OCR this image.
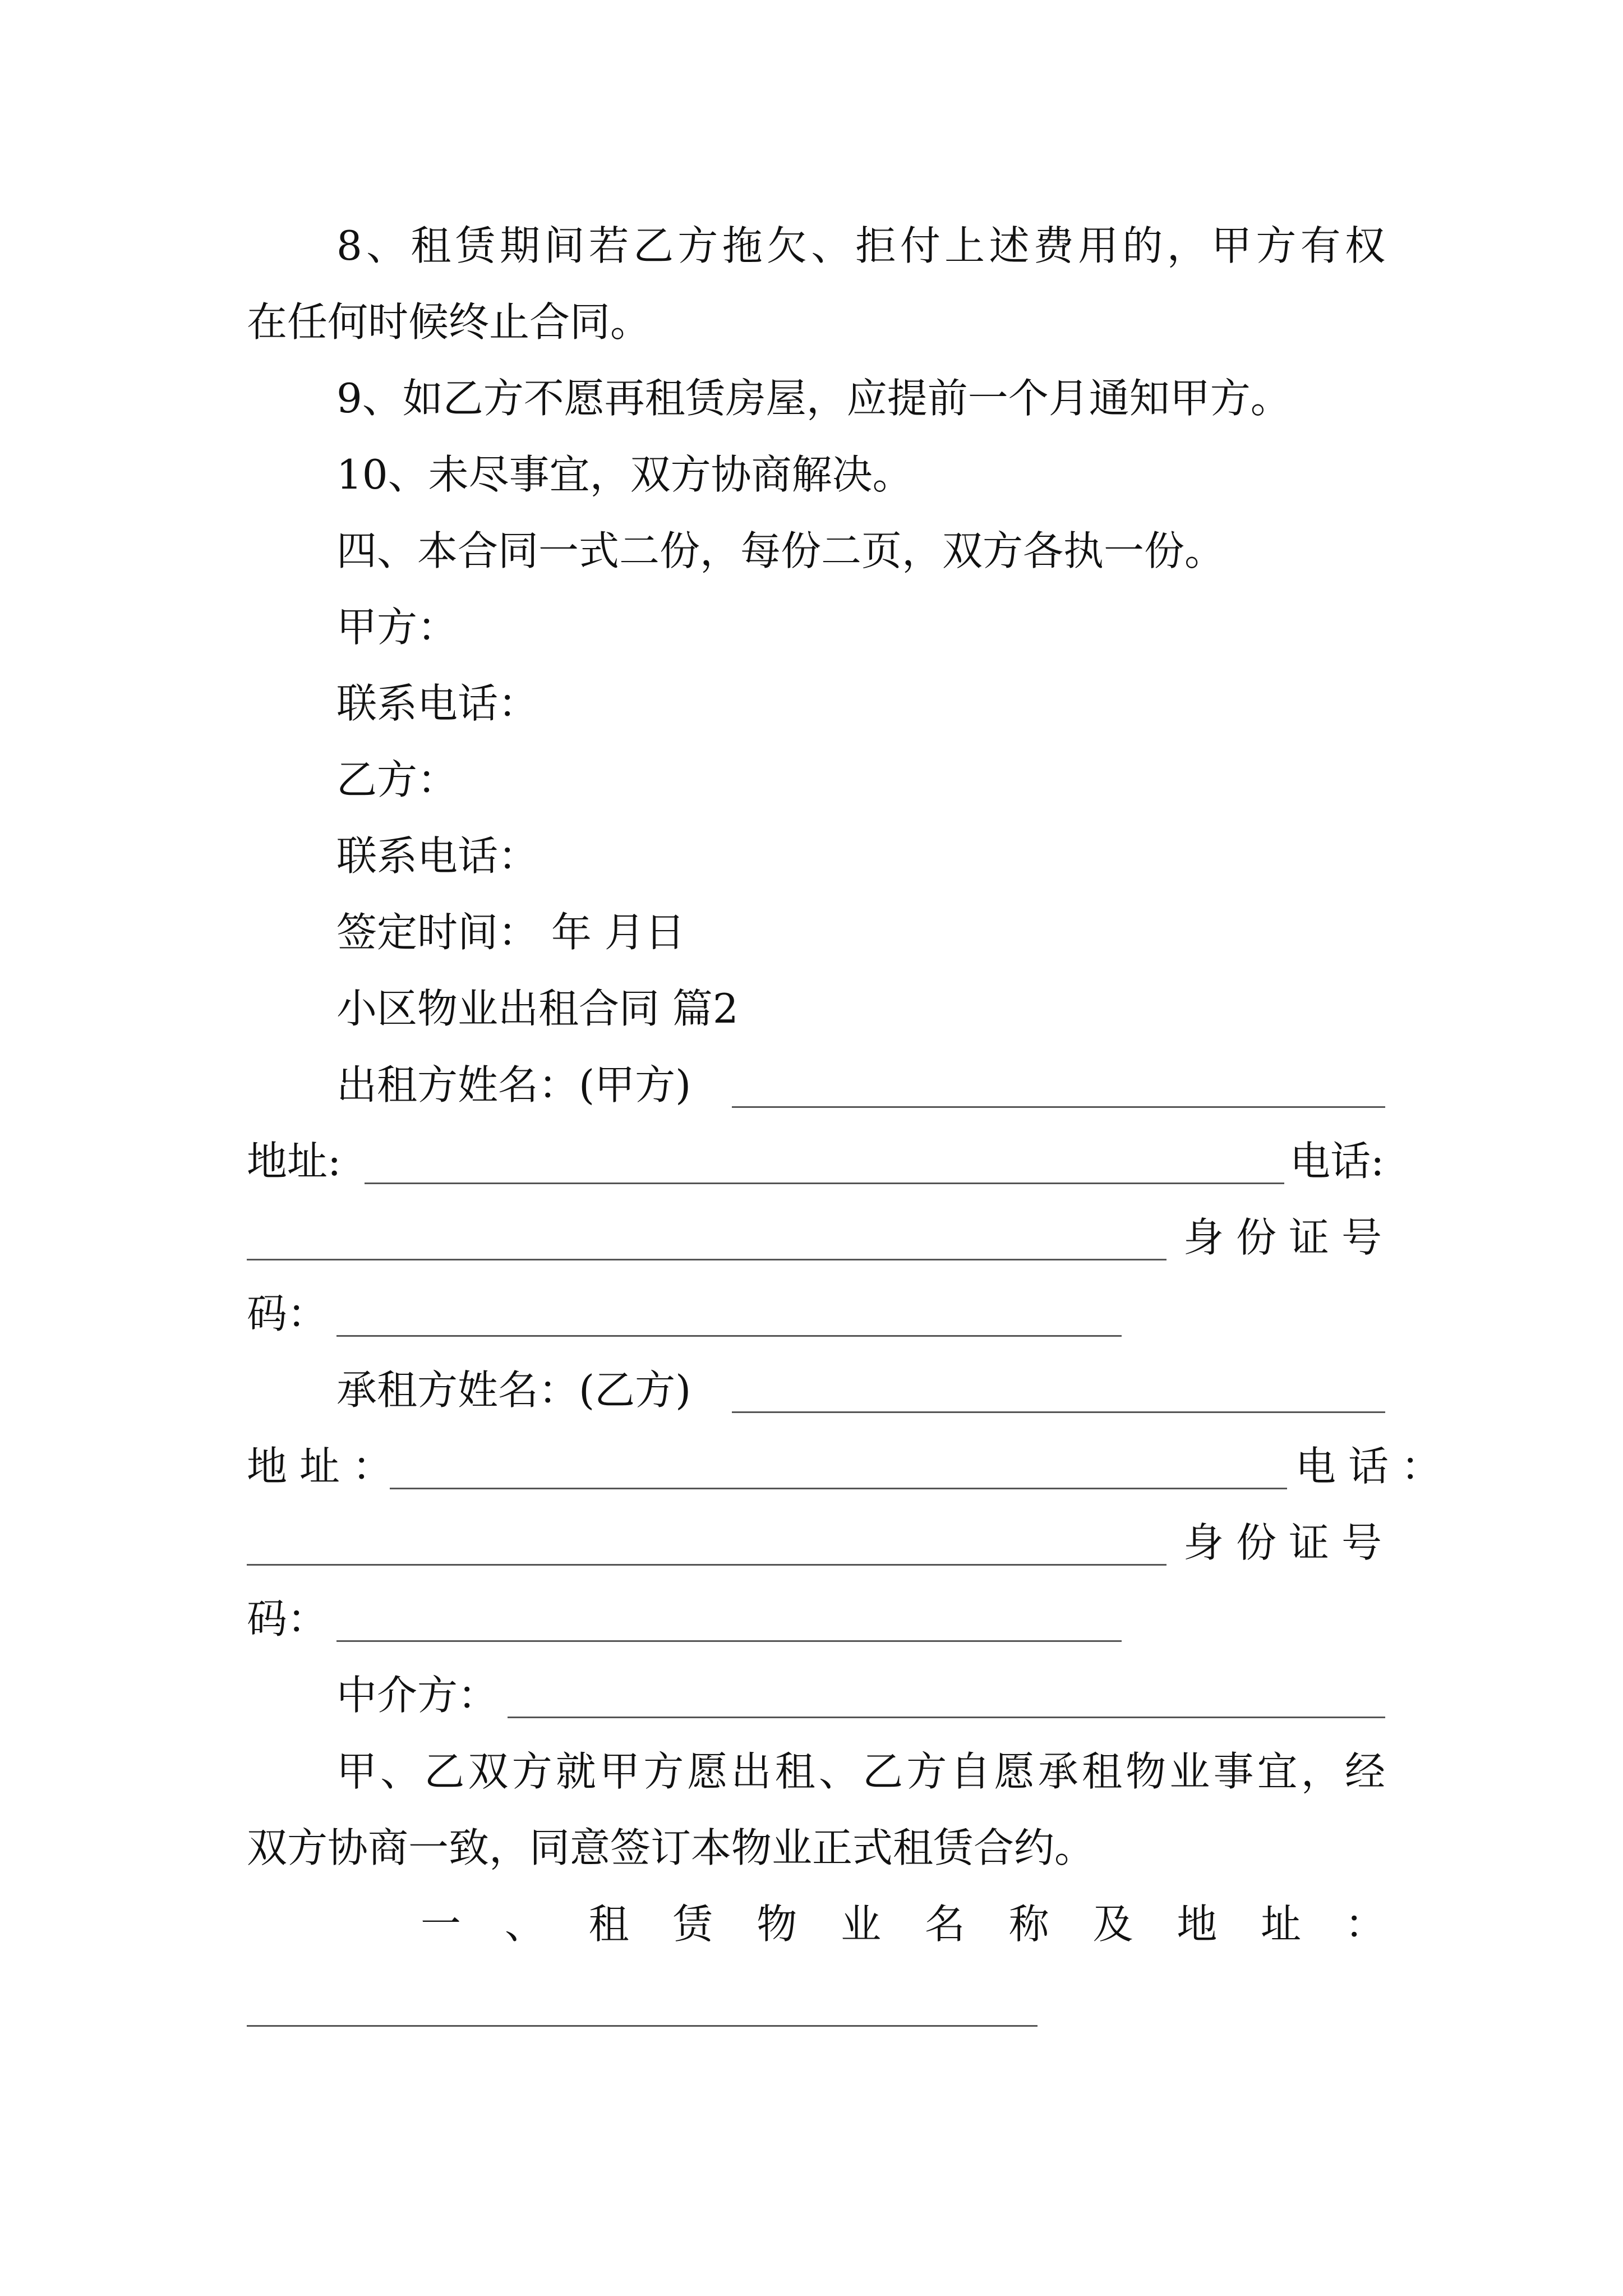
8、租赁期间若乙方拖欠、拒付上述费用的，甲方有权
在任何时候终止合同。
9、如乙方不愿再租赁房屋，应提前一个月通知甲方。
10、未尽事宜，双方协商解决。
四、本合同一式二份，每份二页，双方各执一份。
甲方：
联系电话：
乙方：
联系电话：
签定时间： 年 月日
小区物业出租合同 篇2
出租方姓名：(甲方)
地址:	电话:
身份证号
码：
承租方姓名：(乙方)
地址：	电话：
身份证号
码：
中介方：
甲、乙双方就甲方愿出租、乙方自愿承租物业事宜，经
双方协商一致，同意签订本物业正式租赁合约。
一 、 租 赁 物 业 名 称 及 地 址 ：
